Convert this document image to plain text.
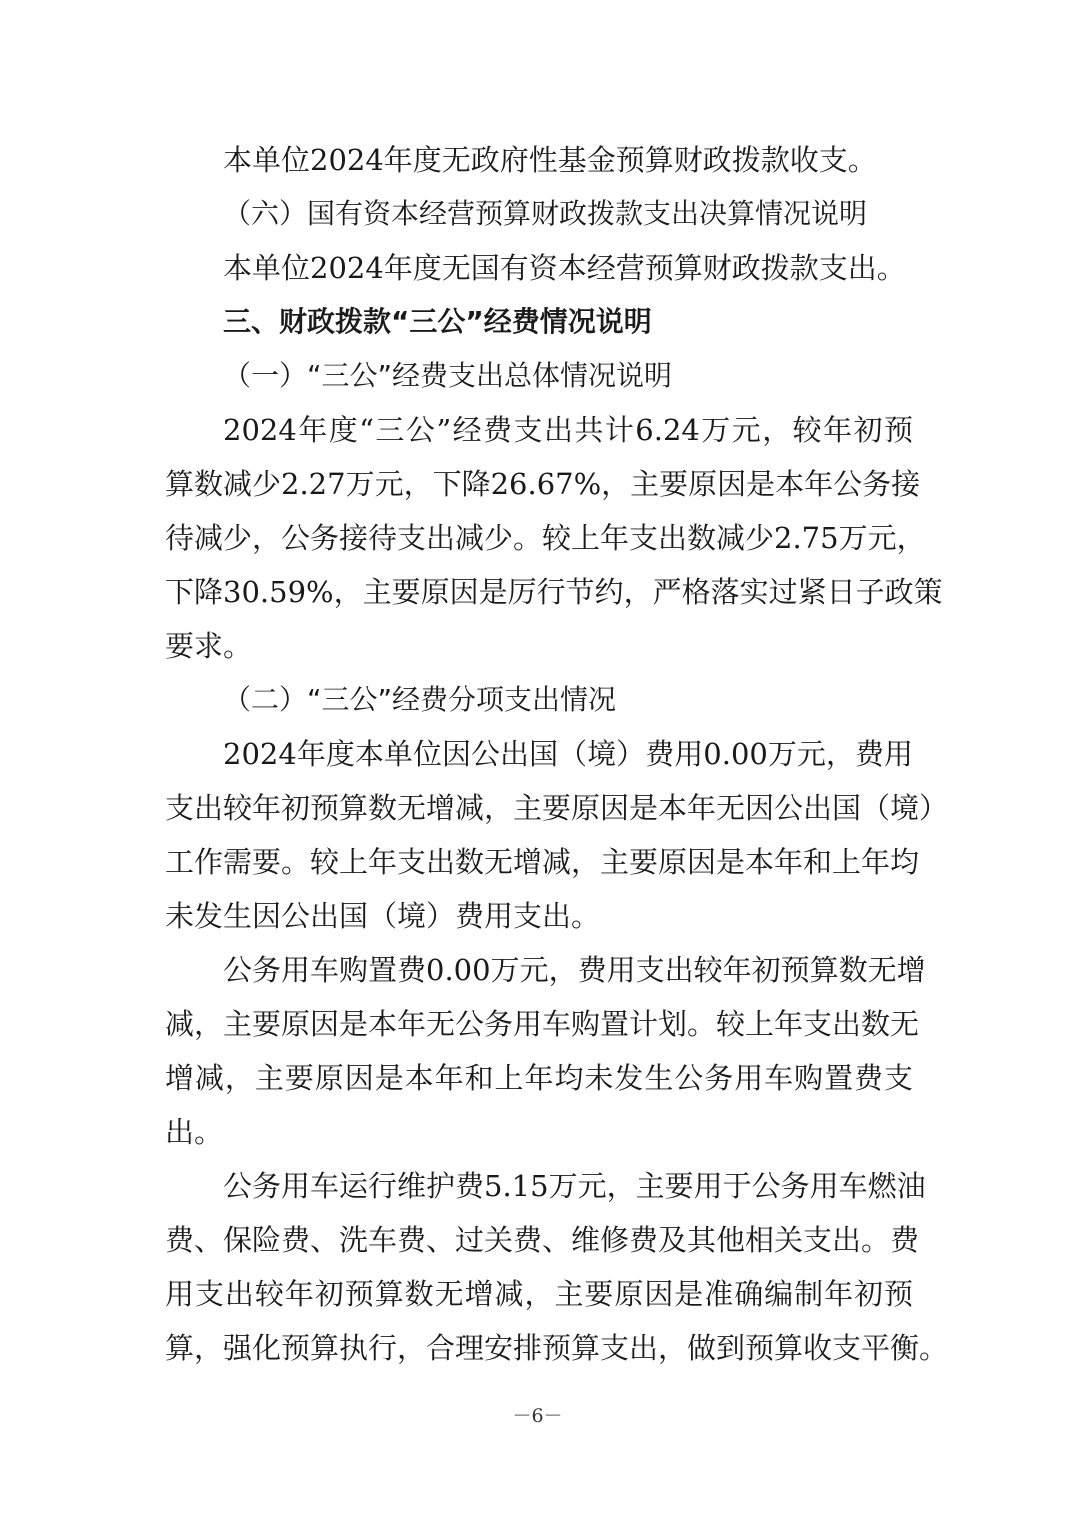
本单位2024年度无政府性基金预算财政拨款收支。
（六）国有资本经营预算财政拨款支出决算情况说明
本单位2024年度无国有资本经营预算财政拨款支出。
三、财政拨款“三公”经费情况说明
（一）“三公”经费支出总体情况说明
2024年度“三公”经费支出共计6.24万元，较年初预
算数减少2.27万元，下降26.67%，主要原因是本年公务接
待减少，公务接待支出减少。较上年支出数减少2.75万元，
下降30.59%，主要原因是厉行节约，严格落实过紧日子政策
要求。
（二）“三公”经费分项支出情况
2024年度本单位因公出国（境）费用0.00万元，费用
支出较年初预算数无增减，主要原因是本年无因公出国（境）
工作需要。较上年支出数无增减，主要原因是本年和上年均
未发生因公出国（境）费用支出。
公务用车购置费0.00万元，费用支出较年初预算数无增
减，主要原因是本年无公务用车购置计划。较上年支出数无
增减，主要原因是本年和上年均未发生公务用车购置费支
出。
公务用车运行维护费5.15万元，主要用于公务用车燃油
费、保险费、洗车费、过关费、维修费及其他相关支出。费
用支出较年初预算数无增减，主要原因是准确编制年初预
算，强化预算执行，合理安排预算支出，做到预算收支平衡。
－6－
